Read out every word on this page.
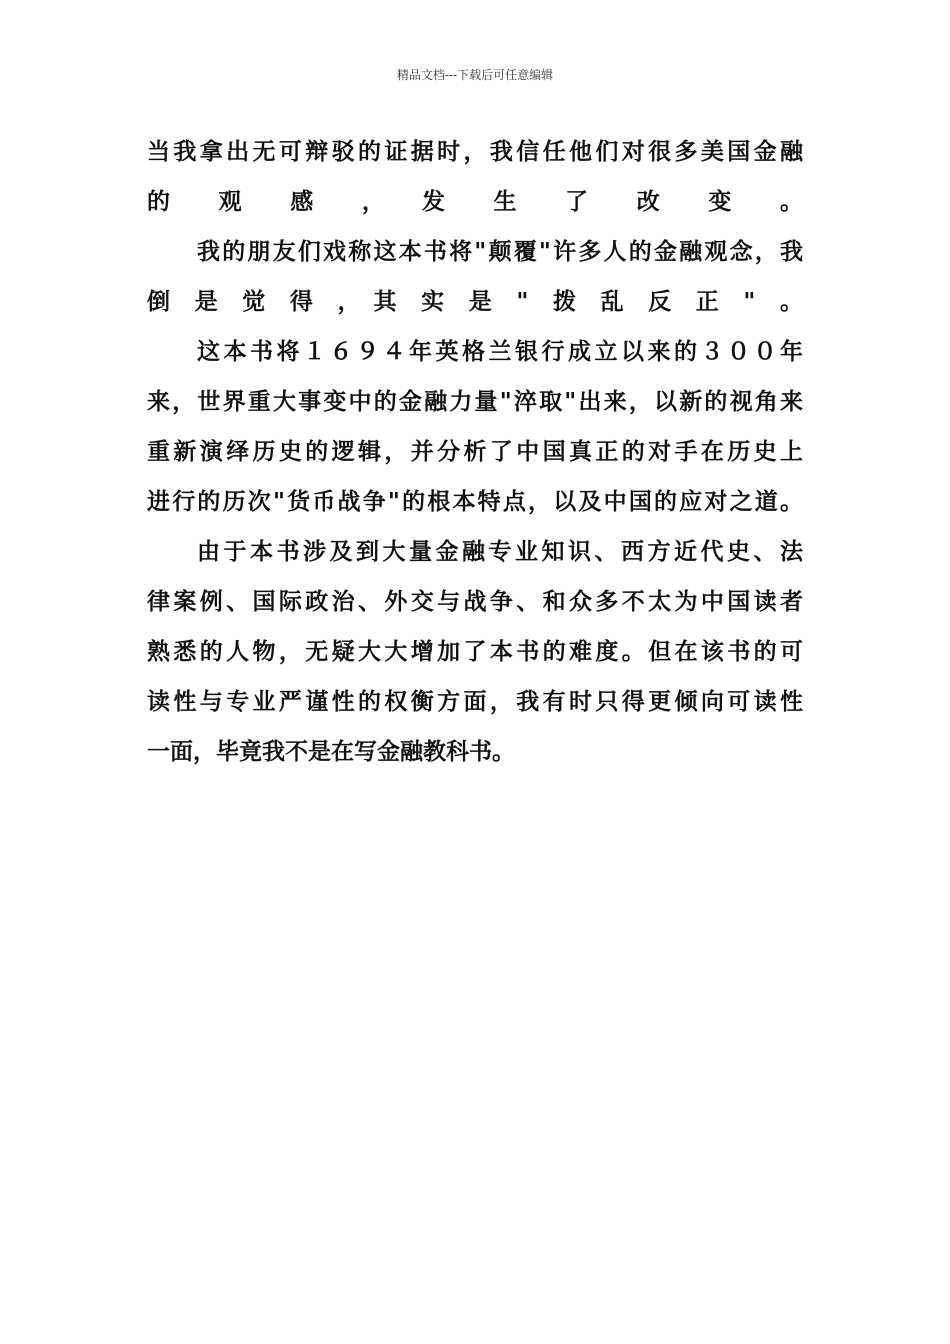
精品文档---下载后可任意编辑
当我拿出无可辩驳的证据时，我信任他们对很多美国金融
的　观　感　，　发　生　了　改　变　。
我的朋友们戏称这本书将"颠覆"许多人的金融观念，我
倒　是　觉　得　，　其　实　是　"　拨　乱　反　正　"　。
这本书将１６９４年英格兰银行成立以来的３００年
来，世界重大事变中的金融力量"淬取"出来，以新的视角来
重新演绎历史的逻辑，并分析了中国真正的对手在历史上
进行的历次"货币战争"的根本特点，以及中国的应对之道。
由于本书涉及到大量金融专业知识、西方近代史、法
律案例、国际政治、外交与战争、和众多不太为中国读者
熟悉的人物，无疑大大增加了本书的难度。但在该书的可
读性与专业严谨性的权衡方面，我有时只得更倾向可读性
一面，毕竟我不是在写金融教科书。
